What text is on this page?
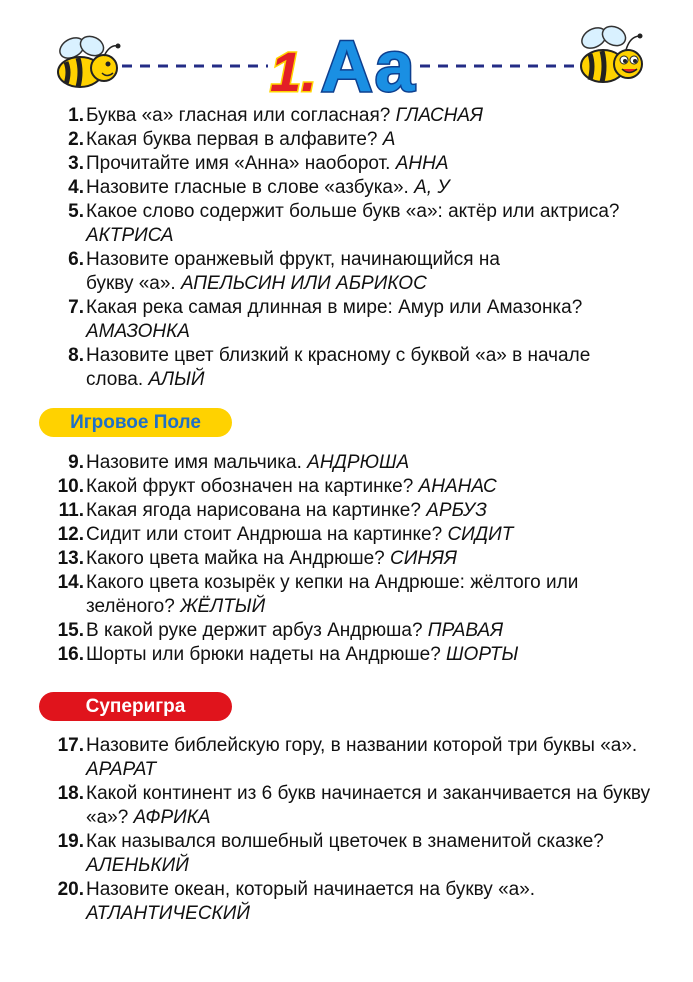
1. Аа
1. Буква «а» гласная или согласная? ГЛАСНАЯ
2. Какая буква первая в алфавите? А
3. Прочитайте имя «Анна» наоборот. АННА
4. Назовите гласные в слове «азбука». А, У
5. Какое слово содержит больше букв «а»: актёр или актриса? АКТРИСА
6. Назовите оранжевый фрукт, начинающийся на букву «а». АПЕЛЬСИН ИЛИ АБРИКОС
7. Какая река самая длинная в мире: Амур или Амазонка? АМАЗОНКА
8. Назовите цвет близкий к красному с буквой «а» в начале слова. АЛЫЙ
Игровое Поле
9. Назовите имя мальчика. АНДРЮША
10. Какой фрукт обозначен на картинке? АНАНАС
11. Какая ягода нарисована на картинке? АРБУЗ
12. Сидит или стоит Андрюша на картинке? СИДИТ
13. Какого цвета майка на Андрюше? СИНЯЯ
14. Какого цвета козырёк у кепки на Андрюше: жёлтого или зелёного? ЖЁЛТЫЙ
15. В какой руке держит арбуз Андрюша? ПРАВАЯ
16. Шорты или брюки надеты на Андрюше? ШОРТЫ
Суперигра
17. Назовите библейскую гору, в названии которой три буквы «а». АРАРАТ
18. Какой континент из 6 букв начинается и заканчивается на букву «а»? АФРИКА
19. Как назывался волшебный цветочек в знаменитой сказке? АЛЕНЬКИЙ
20. Назовите океан, который начинается на букву «а». АТЛАНТИЧЕСКИЙ
